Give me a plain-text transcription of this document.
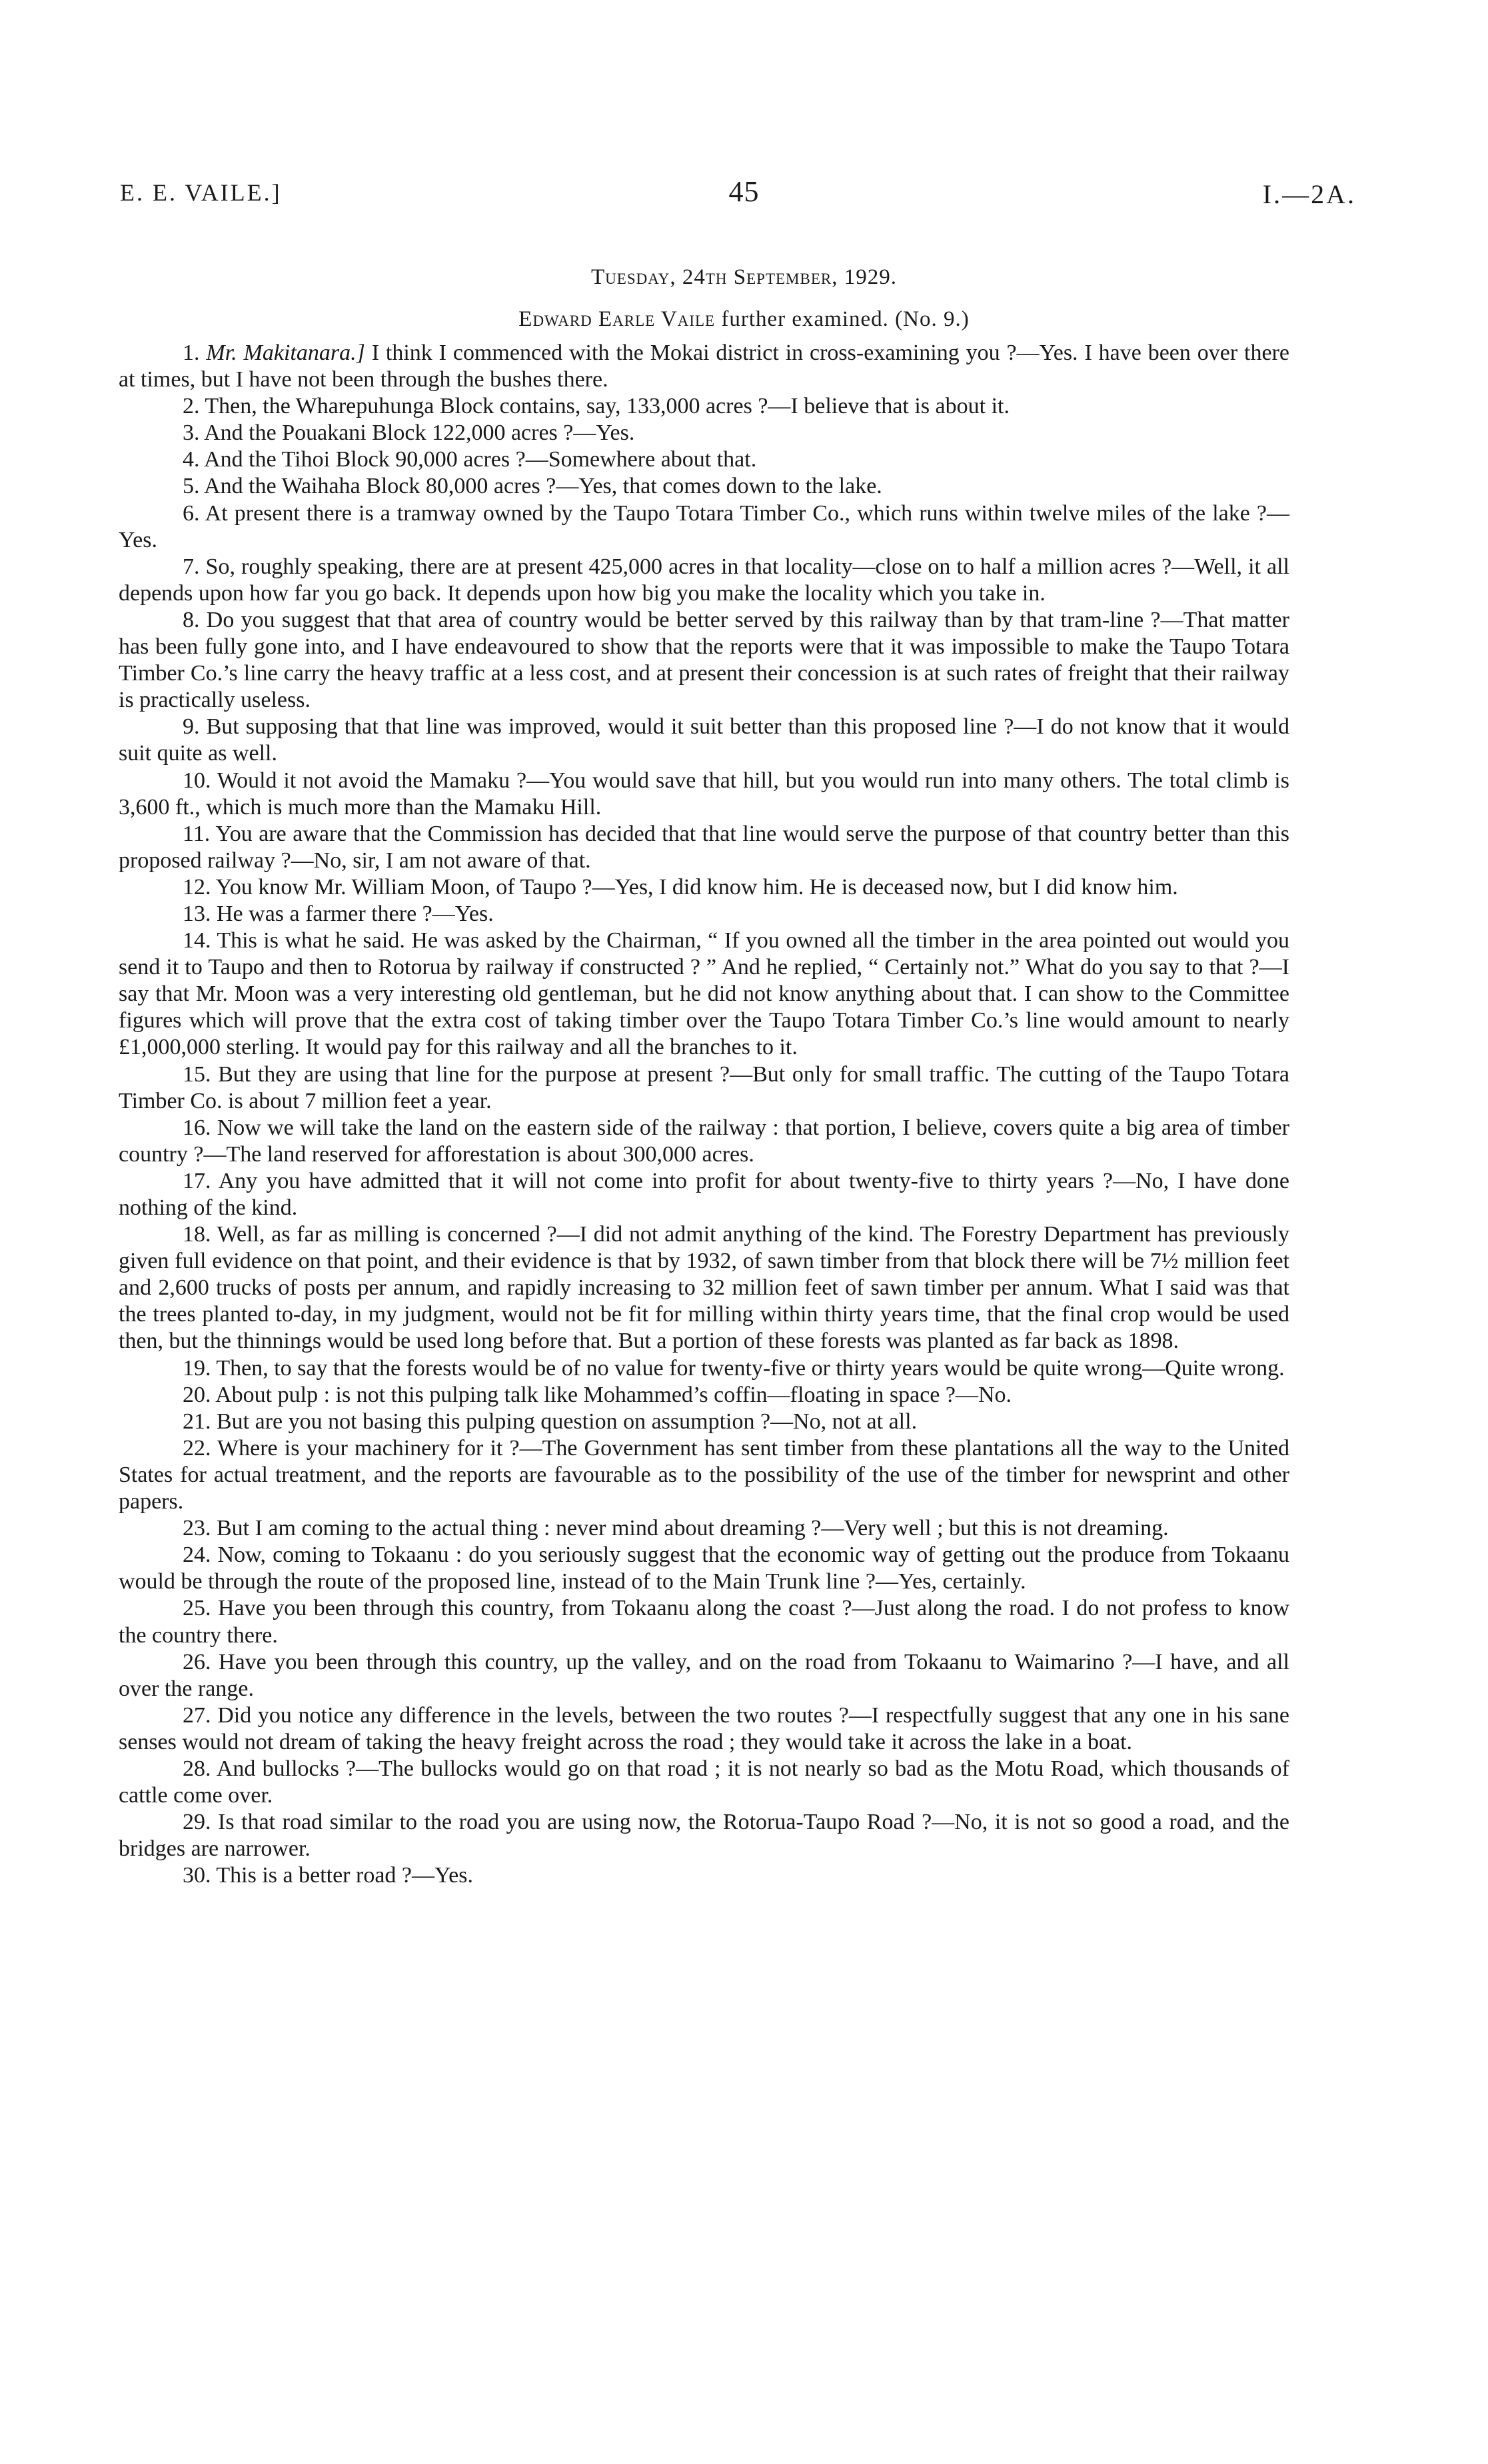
E. E. VAILE.]	45	I.—2A.
Tuesday, 24th September, 1929.
Edward Earle Vaile further examined. (No. 9.)

1. Mr. Makitanara.] I think I commenced with the Mokai district in cross-examining you ?—Yes. I have been over there at times, but I have not been through the bushes there.

2. Then, the Wharepuhunga Block contains, say, 133,000 acres ?—I believe that is about it.

3. And the Pouakani Block 122,000 acres ?—Yes.

4. And the Tihoi Block 90,000 acres ?—Somewhere about that.

5. And the Waihaha Block 80,000 acres ?—Yes, that comes down to the lake.

6. At present there is a tramway owned by the Taupo Totara Timber Co., which runs within twelve miles of the lake ?—Yes.

7. So, roughly speaking, there are at present 425,000 acres in that locality—close on to half a million acres ?—Well, it all depends upon how far you go back. It depends upon how big you make the locality which you take in.

8. Do you suggest that that area of country would be better served by this railway than by that tram-line ?—That matter has been fully gone into, and I have endeavoured to show that the reports were that it was impossible to make the Taupo Totara Timber Co.’s line carry the heavy traffic at a less cost, and at present their concession is at such rates of freight that their railway is practically useless.

9. But supposing that that line was improved, would it suit better than this proposed line ?—I do not know that it would suit quite as well.

10. Would it not avoid the Mamaku ?—You would save that hill, but you would run into many others. The total climb is 3,600 ft., which is much more than the Mamaku Hill.

11. You are aware that the Commission has decided that that line would serve the purpose of that country better than this proposed railway ?—No, sir, I am not aware of that.

12. You know Mr. William Moon, of Taupo ?—Yes, I did know him. He is deceased now, but I did know him.

13. He was a farmer there ?—Yes.

14. This is what he said. He was asked by the Chairman, “ If you owned all the timber in the area pointed out would you send it to Taupo and then to Rotorua by railway if constructed ? ” And he replied, “ Certainly not.” What do you say to that ?—I say that Mr. Moon was a very interesting old gentleman, but he did not know anything about that. I can show to the Committee figures which will prove that the extra cost of taking timber over the Taupo Totara Timber Co.’s line would amount to nearly £1,000,000 sterling. It would pay for this railway and all the branches to it.

15. But they are using that line for the purpose at present ?—But only for small traffic. The cutting of the Taupo Totara Timber Co. is about 7 million feet a year.

16. Now we will take the land on the eastern side of the railway : that portion, I believe, covers quite a big area of timber country ?—The land reserved for afforestation is about 300,000 acres.

17. Any you have admitted that it will not come into profit for about twenty-five to thirty years ?—No, I have done nothing of the kind.

18. Well, as far as milling is concerned ?—I did not admit anything of the kind. The Forestry Department has previously given full evidence on that point, and their evidence is that by 1932, of sawn timber from that block there will be 7½ million feet and 2,600 trucks of posts per annum, and rapidly increasing to 32 million feet of sawn timber per annum. What I said was that the trees planted to-day, in my judgment, would not be fit for milling within thirty years time, that the final crop would be used then, but the thinnings would be used long before that. But a portion of these forests was planted as far back as 1898.

19. Then, to say that the forests would be of no value for twenty-five or thirty years would be quite wrong—Quite wrong.

20. About pulp : is not this pulping talk like Mohammed’s coffin—floating in space ?—No.

21. But are you not basing this pulping question on assumption ?—No, not at all.

22. Where is your machinery for it ?—The Government has sent timber from these plantations all the way to the United States for actual treatment, and the reports are favourable as to the possibility of the use of the timber for newsprint and other papers.

23. But I am coming to the actual thing : never mind about dreaming ?—Very well ; but this is not dreaming.

24. Now, coming to Tokaanu : do you seriously suggest that the economic way of getting out the produce from Tokaanu would be through the route of the proposed line, instead of to the Main Trunk line ?—Yes, certainly.

25. Have you been through this country, from Tokaanu along the coast ?—Just along the road. I do not profess to know the country there.

26. Have you been through this country, up the valley, and on the road from Tokaanu to Waimarino ?—I have, and all over the range.

27. Did you notice any difference in the levels, between the two routes ?—I respectfully suggest that any one in his sane senses would not dream of taking the heavy freight across the road ; they would take it across the lake in a boat.

28. And bullocks ?—The bullocks would go on that road ; it is not nearly so bad as the Motu Road, which thousands of cattle come over.

29. Is that road similar to the road you are using now, the Rotorua-Taupo Road ?—No, it is not so good a road, and the bridges are narrower.

30. This is a better road ?—Yes.
